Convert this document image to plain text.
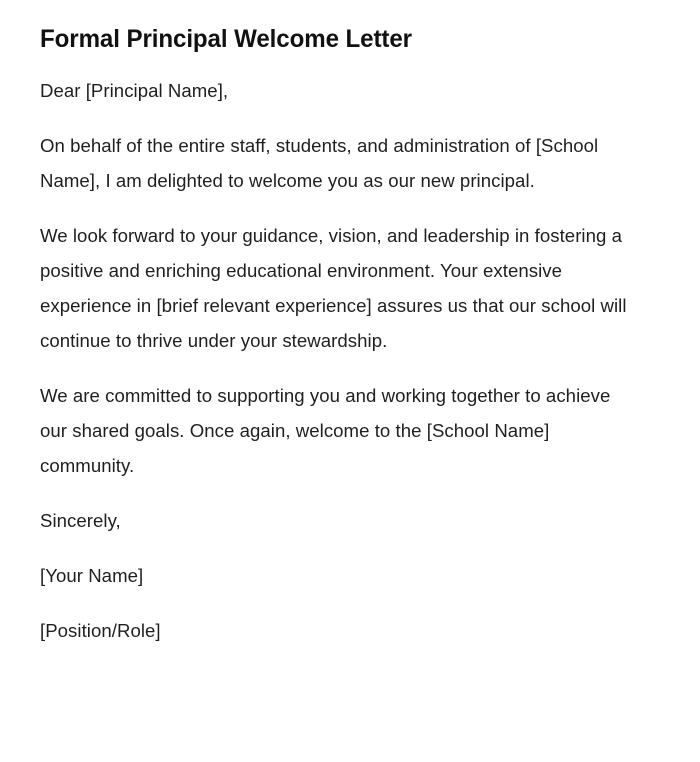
Formal Principal Welcome Letter

Dear [Principal Name],

On behalf of the entire staff, students, and administration of [School Name], I am delighted to welcome you as our new principal.

We look forward to your guidance, vision, and leadership in fostering a positive and enriching educational environment. Your extensive experience in [brief relevant experience] assures us that our school will continue to thrive under your stewardship.

We are committed to supporting you and working together to achieve our shared goals. Once again, welcome to the [School Name] community.

Sincerely,

[Your Name]

[Position/Role]
